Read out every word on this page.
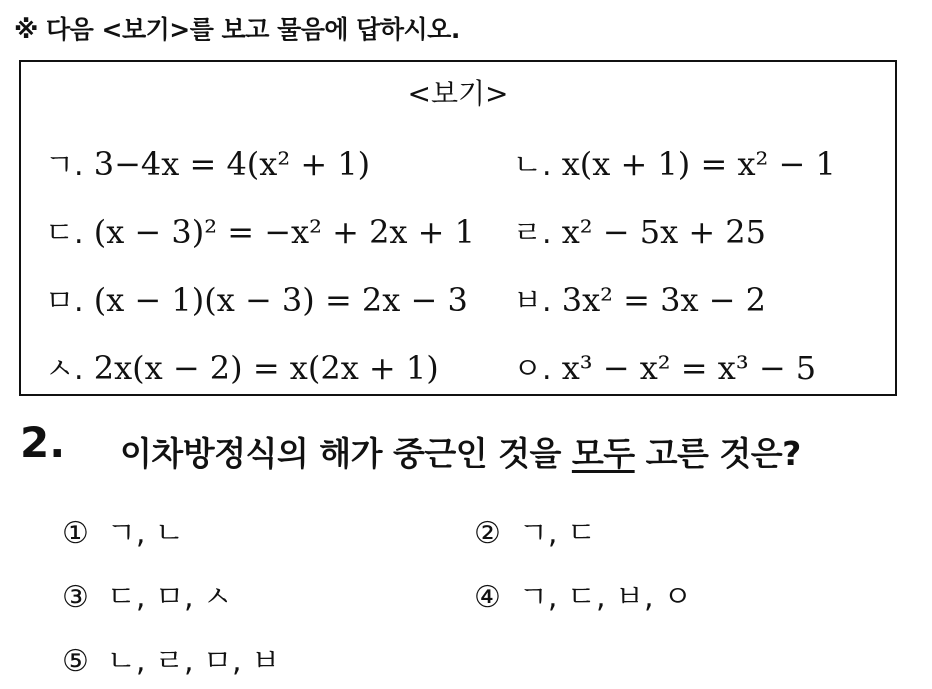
※ 다음 <보기>를 보고 물음에 답하시오.
<보기>
ㄱ. 3−4x = 4(x² + 1)	ㄴ. x(x + 1) = x² − 1
ㄷ. (x − 3)² = −x² + 2x + 1 ㄹ. x² − 5x + 25
ㅁ. (x − 1)(x − 3) = 2x − 3 ㅂ. 3x² = 3x − 2
ㅅ. 2x(x − 2) = x(2x + 1) ㅇ. x³ − x² = x³ − 5
2. 이차방정식의 해가 중근인 것을 모두 고른 것은?
① ㄱ, ㄴ	② ㄱ, ㄷ
③ ㄷ, ㅁ, ㅅ	④ ㄱ, ㄷ, ㅂ, ㅇ
⑤ ㄴ, ㄹ, ㅁ, ㅂ
